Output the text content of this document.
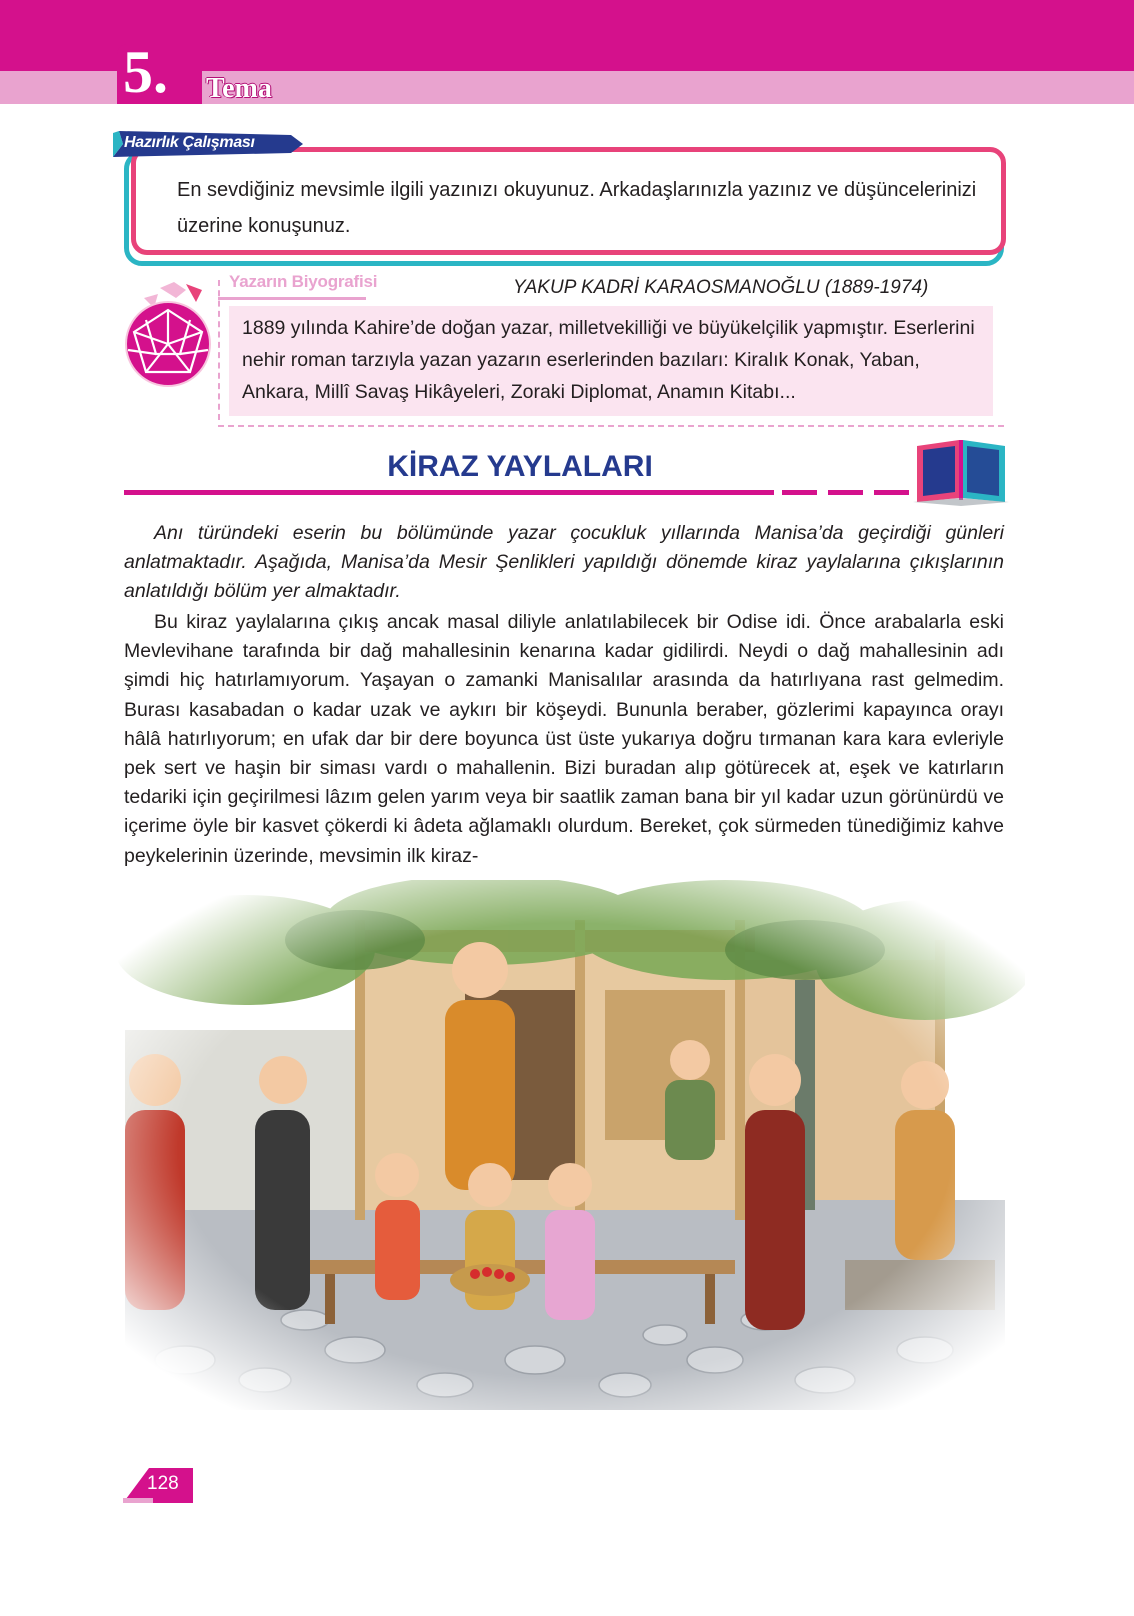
5. Tema
Hazırlık Çalışması
En sevdiğiniz mevsimle ilgili yazınızı okuyunuz. Arkadaşlarınızla yazınız ve düşüncelerinizi üzerine konuşunuz.
Yazarın Biyografisi	YAKUP KADRİ KARAOSMANOĞLU (1889-1974)
1889 yılında Kahire’de doğan yazar, milletvekilliği ve büyükelçilik yapmıştır. Eserlerini nehir roman tarzıyla yazan yazarın eserlerinden bazıları: Kiralık Konak, Yaban, Ankara, Millî Savaş Hikâyeleri, Zoraki Diplomat, Anamın Kitabı...
KİRAZ YAYLALARI
Anı türündeki eserin bu bölümünde yazar çocukluk yıllarında Manisa’da geçirdiği günleri anlatmaktadır. Aşağıda, Manisa’da Mesir Şenlikleri yapıldığı dönemde kiraz yaylalarına çıkışlarının anlatıldığı bölüm yer almaktadır.
Bu kiraz yaylalarına çıkış ancak masal diliyle anlatılabilecek bir Odise idi. Önce arabalarla eski Mevlevihane tarafında bir dağ mahallesinin kenarına kadar gidilirdi. Neydi o dağ mahallesinin adı şimdi hiç hatırlamıyorum. Yaşayan o zamanki Manisalılar arasında da hatırlıyana rast gelmedim. Burası kasabadan o kadar uzak ve aykırı bir köşeydi. Bununla beraber, gözlerimi kapayınca orayı hâlâ hatırlıyorum; en ufak dar bir dere boyunca üst üste yukarıya doğru tırmanan kara kara evleriyle pek sert ve haşin bir siması vardı o mahallenin. Bizi buradan alıp götürecek at, eşek ve katırların tedariki için geçirilmesi lâzım gelen yarım veya bir saatlik zaman bana bir yıl kadar uzun görünürdü ve içerime öyle bir kasvet çökerdi ki âdeta ağlamaklı olurdum. Bereket, çok sürmeden tünediğimiz kahve peykelerinin üzerinde, mevsimin ilk kiraz-
128
